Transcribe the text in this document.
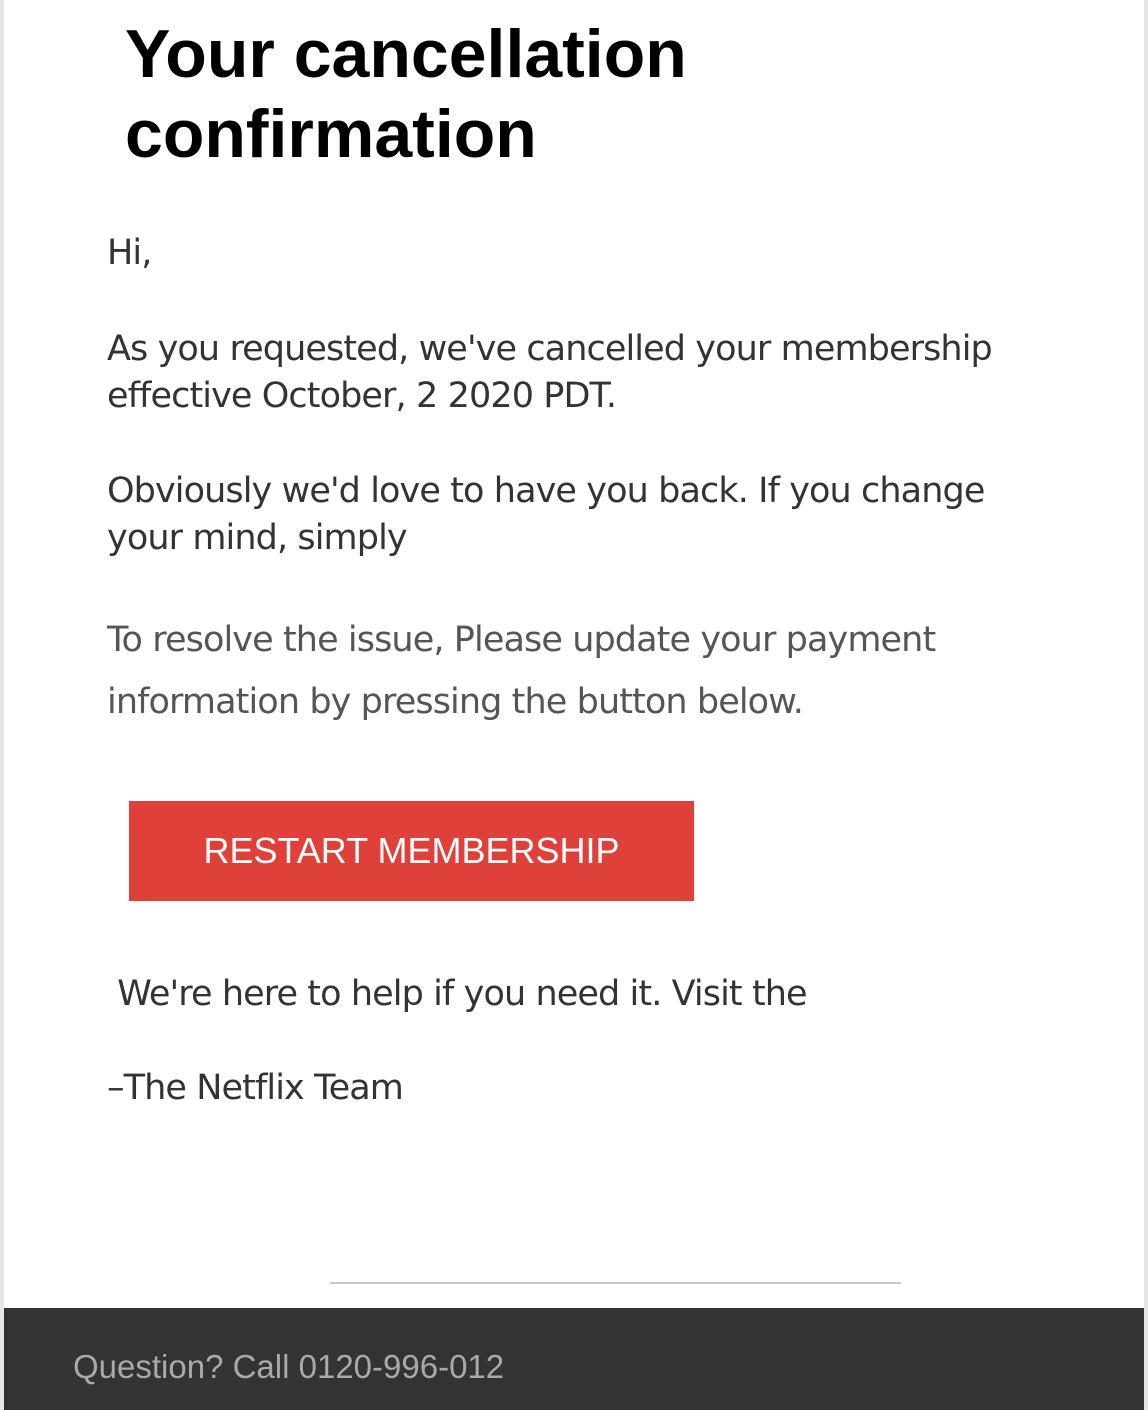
Your cancellation confirmation

Hi,

As you requested, we've cancelled your membership

effective October, 2 2020 PDT.

Obviously we'd love to have you back. If you change

your mind, simply

To resolve the issue, Please update your payment

information by pressing the button below.

RESTART MEMBERSHIP

We're here to help if you need it. Visit the

–The Netflix Team

Question? Call 0120-996-012
